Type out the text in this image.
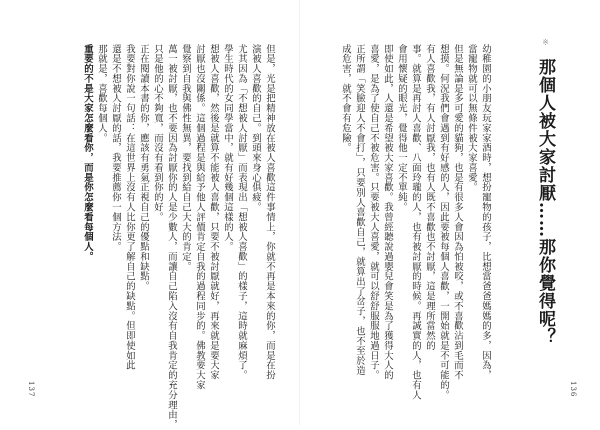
※
那個人被大家討厭……那你覺得呢？

幼稚園的小朋友玩家家酒時，想扮寵物的孩子，比想當爸爸媽媽的多，因為，

當寵物就可以無條件被大家喜愛。

但是無論是多可愛的貓狗，也是有很多人會因為怕被咬，或不喜歡沾到毛而不

想摸。何況我們會遇到有好感的人，因此要被每個人喜歡，一開始就是不可能的。

有人喜歡我，有人討厭我，也有人既不喜歡也不討厭，這是理所當然的

事。就算是再討人喜歡、八面玲瓏的人，也有被討厭的時候。再誠實的人，也有人

會用懷疑的眼光，覺得他一定不單純。

即使如此，人還是希望被大家喜歡。我曾經聽說過嬰兒會笑是為了獲得大人的

喜愛，是為了使自己不被危害。只要被大人喜愛，就可以舒舒服服地過日子。

正所謂「笑臉迎人不會打」，只要別人喜歡自己，就算出了岔子，也不至於造

成危害，就不會有危險。

136

但是，光是把精神放在被人喜歡這件事情上，你就不再是本來的你，而是在扮

演被人喜歡的自己。到頭來身心俱疲。

尤其因為「不想被人討厭」而表現出「想被人喜歡」的樣子，這時就麻煩了。

學生時代的女同學當中，就有好幾個這樣的人。

想被人喜歡，然後是就算不能被人喜歡，只要不被討厭就好，再來就是要大家

討厭也沒關係。這個過程是與給予他人評價肯定自我的過程同步的。佛教要大家

覺察到自我與佛性無異，要找到給自己大大的肯定。

萬一被討厭，也不要因為討厭你的人是少數人，而讓自己陷入沒有自我肯定的充分理由，

只是他的心不夠寬，而沒有看到你的好。

正在閱讀本書的你，應該有勇氣正視自己的優點和缺點。

我要對你說一句話：在這世界上沒有人比你更了解自己的缺點。但即使如此

還是不想被人討厭的話，我要推薦你一個方法。

那就是，喜歡每個人。

重要的不是大家怎麼看你，而是你怎麼看每個人。

137
